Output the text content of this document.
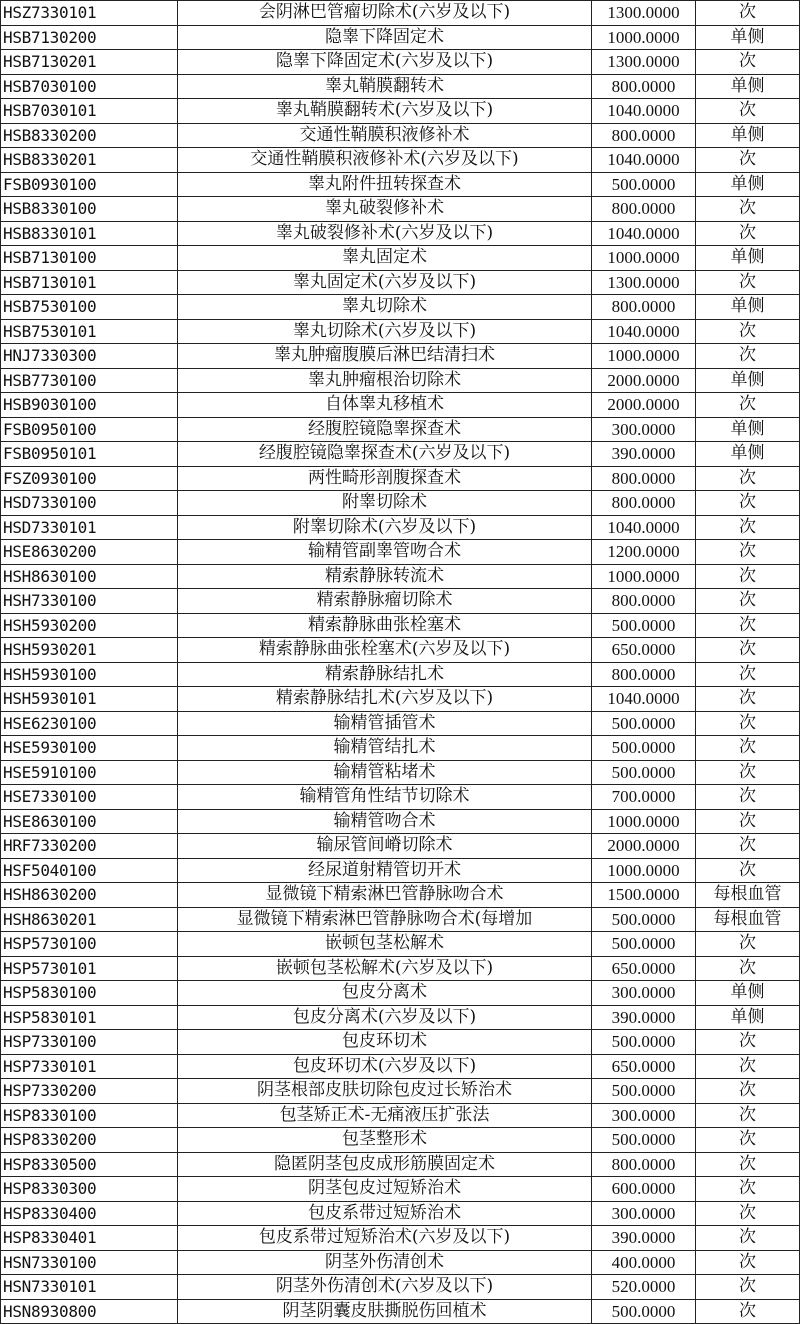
HSZ7330101	会阴淋巴管瘤切除术(六岁及以下)	1300.0000	次
HSB7130200	隐睾下降固定术	1000.0000	单侧
HSB7130201	隐睾下降固定术(六岁及以下)	1300.0000	次
HSB7030100	睾丸鞘膜翻转术	800.0000	单侧
HSB7030101	睾丸鞘膜翻转术(六岁及以下)	1040.0000	次
HSB8330200	交通性鞘膜积液修补术	800.0000	单侧
HSB8330201	交通性鞘膜积液修补术(六岁及以下)	1040.0000	次
FSB0930100	睾丸附件扭转探查术	500.0000	单侧
HSB8330100	睾丸破裂修补术	800.0000	次
HSB8330101	睾丸破裂修补术(六岁及以下)	1040.0000	次
HSB7130100	睾丸固定术	1000.0000	单侧
HSB7130101	睾丸固定术(六岁及以下)	1300.0000	次
HSB7530100	睾丸切除术	800.0000	单侧
HSB7530101	睾丸切除术(六岁及以下)	1040.0000	次
HNJ7330300	睾丸肿瘤腹膜后淋巴结清扫术	1000.0000	次
HSB7730100	睾丸肿瘤根治切除术	2000.0000	单侧
HSB9030100	自体睾丸移植术	2000.0000	次
FSB0950100	经腹腔镜隐睾探查术	300.0000	单侧
FSB0950101	经腹腔镜隐睾探查术(六岁及以下)	390.0000	单侧
FSZ0930100	两性畸形剖腹探查术	800.0000	次
HSD7330100	附睾切除术	800.0000	次
HSD7330101	附睾切除术(六岁及以下)	1040.0000	次
HSE8630200	输精管副睾管吻合术	1200.0000	次
HSH8630100	精索静脉转流术	1000.0000	次
HSH7330100	精索静脉瘤切除术	800.0000	次
HSH5930200	精索静脉曲张栓塞术	500.0000	次
HSH5930201	精索静脉曲张栓塞术(六岁及以下)	650.0000	次
HSH5930100	精索静脉结扎术	800.0000	次
HSH5930101	精索静脉结扎术(六岁及以下)	1040.0000	次
HSE6230100	输精管插管术	500.0000	次
HSE5930100	输精管结扎术	500.0000	次
HSE5910100	输精管粘堵术	500.0000	次
HSE7330100	输精管角性结节切除术	700.0000	次
HSE8630100	输精管吻合术	1000.0000	次
HRF7330200	输尿管间嵴切除术	2000.0000	次
HSF5040100	经尿道射精管切开术	1000.0000	次
HSH8630200	显微镜下精索淋巴管静脉吻合术	1500.0000	每根血管
HSH8630201	显微镜下精索淋巴管静脉吻合术(每增加	500.0000	每根血管
HSP5730100	嵌顿包茎松解术	500.0000	次
HSP5730101	嵌顿包茎松解术(六岁及以下)	650.0000	次
HSP5830100	包皮分离术	300.0000	单侧
HSP5830101	包皮分离术(六岁及以下)	390.0000	单侧
HSP7330100	包皮环切术	500.0000	次
HSP7330101	包皮环切术(六岁及以下)	650.0000	次
HSP7330200	阴茎根部皮肤切除包皮过长矫治术	500.0000	次
HSP8330100	包茎矫正术-无痛液压扩张法	300.0000	次
HSP8330200	包茎整形术	500.0000	次
HSP8330500	隐匿阴茎包皮成形筋膜固定术	800.0000	次
HSP8330300	阴茎包皮过短矫治术	600.0000	次
HSP8330400	包皮系带过短矫治术	300.0000	次
HSP8330401	包皮系带过短矫治术(六岁及以下)	390.0000	次
HSN7330100	阴茎外伤清创术	400.0000	次
HSN7330101	阴茎外伤清创术(六岁及以下)	520.0000	次
HSN8930800	阴茎阴囊皮肤撕脱伤回植术	500.0000	次
